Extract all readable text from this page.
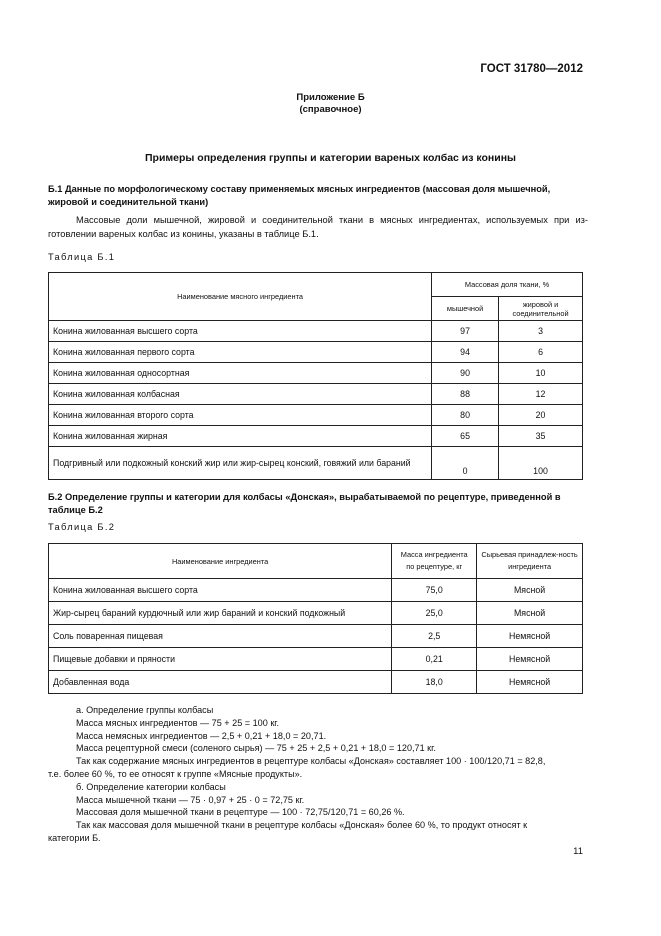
ГОСТ 31780—2012
Приложение Б
(справочное)
Примеры определения группы и категории вареных колбас из конины
Б.1 Данные по морфологическому составу применяемых мясных ингредиентов (массовая доля мышечной, жировой и соединительной ткани)
Массовые доли мышечной, жировой и соединительной ткани в мясных ингредиентах, используемых при из-готовлении вареных колбас из конины, указаны в таблице Б.1.
Таблица Б.1
Наименование мясного ингредиента	Массовая доля ткани, %	
	мышечной	жировой и соединительной
Конина жилованная высшего сорта	97	3
Конина жилованная первого сорта	94	6
Конина жилованная односортная	90	10
Конина жилованная колбасная	88	12
Конина жилованная второго сорта	80	20
Конина жилованная жирная	65	35
Подгривный или подкожный конский жир или жир-сырец конский, говяжий или бараний	0	100
Б.2 Определение группы и категории для колбасы «Донская», вырабатываемой по рецептуре, приведенной в таблице Б.2
Таблица Б.2
Наименование ингредиента	Масса ингредиента по рецептуре, кг	Сырьевая принадлеж-ность ингредиента
Конина жилованная высшего сорта	75,0	Мясной
Жир-сырец бараний курдючный или жир бараний и конский подкожный	25,0	Мясной
Соль поваренная пищевая	2,5	Немясной
Пищевые добавки и пряности	0,21	Немясной
Добавленная вода	18,0	Немясной
а. Определение группы колбасы
Масса мясных ингредиентов — 75 + 25 = 100 кг.
Масса немясных ингредиентов — 2,5 + 0,21 + 18,0 = 20,71.
Масса рецептурной смеси (соленого сырья) — 75 + 25 + 2,5 + 0,21 + 18,0 = 120,71 кг.
Так как содержание мясных ингредиентов в рецептуре колбасы «Донская» составляет 100 · 100/120,71 = 82,8,
т.е. более 60 %, то ее относят к группе «Мясные продукты».
б. Определение категории колбасы
Масса мышечной ткани — 75 · 0,97 + 25 · 0 = 72,75 кг.
Массовая доля мышечной ткани в рецептуре — 100 · 72,75/120,71 = 60,26 %.
Так как массовая доля мышечной ткани в рецептуре колбасы «Донская» более 60 %, то продукт относят к
категории Б.
11
